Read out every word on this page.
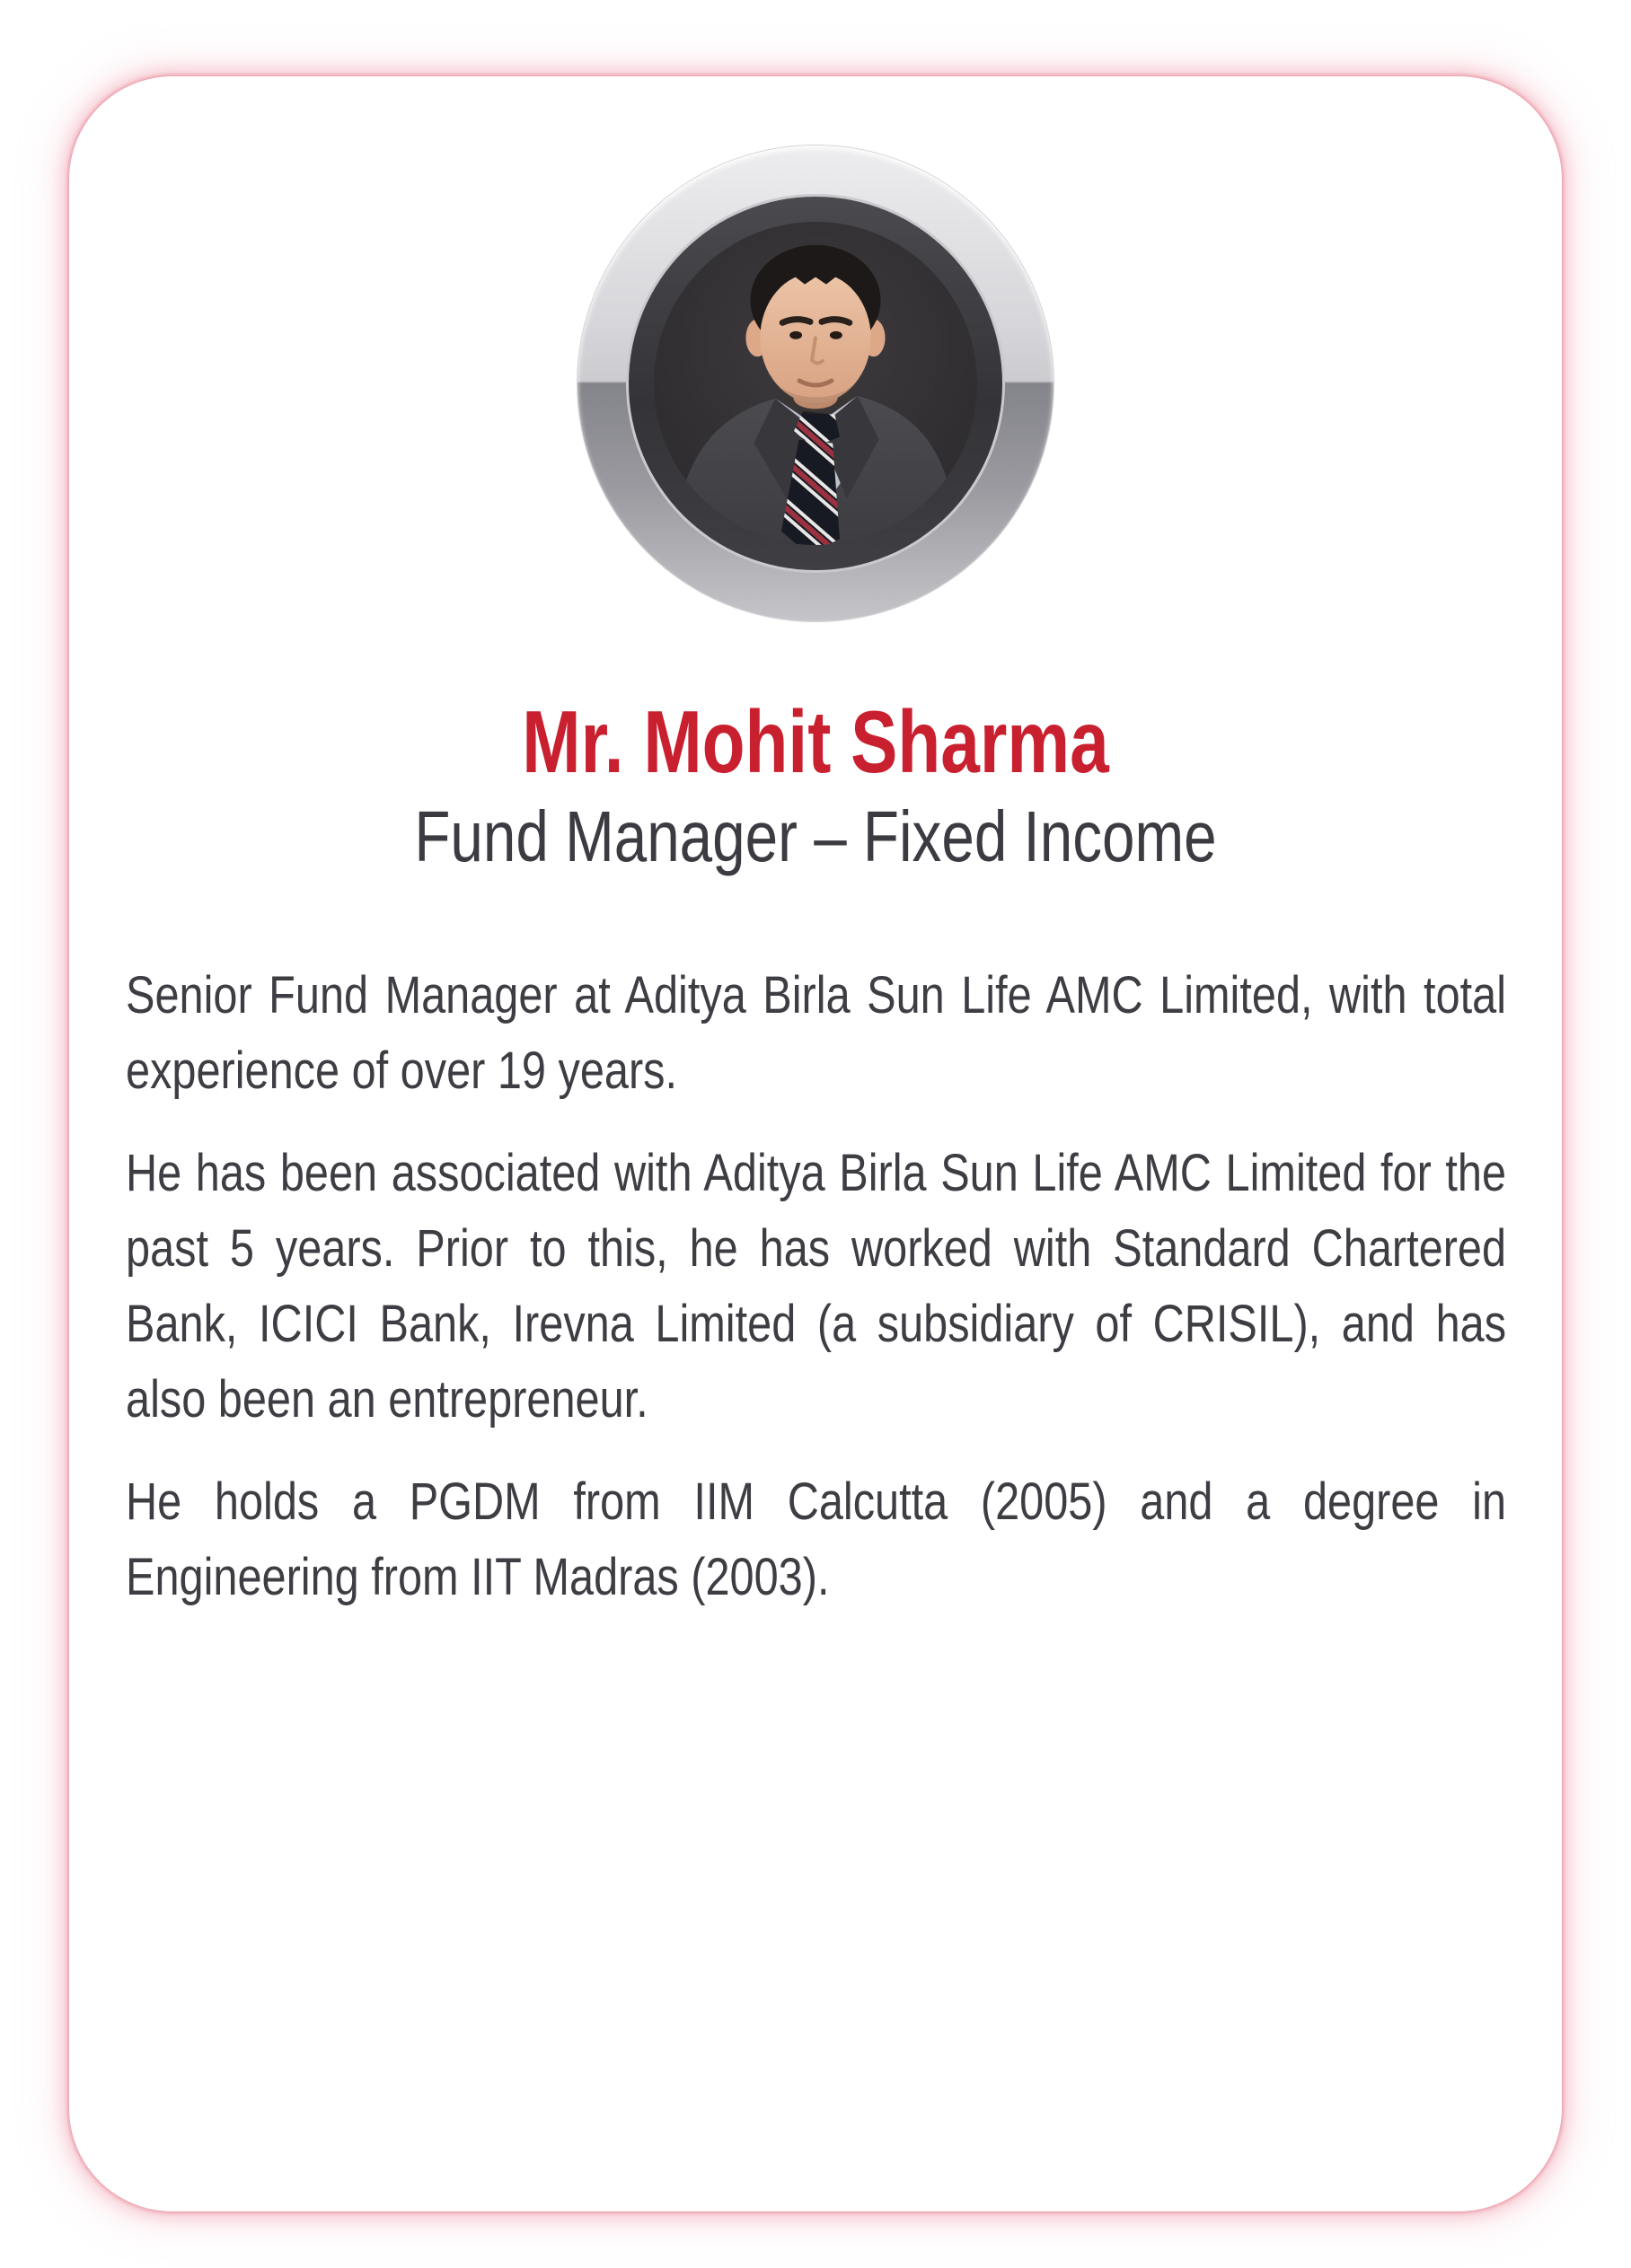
Mr. Mohit Sharma
Fund Manager – Fixed Income

Senior Fund Manager at Aditya Birla Sun Life AMC Limited, with total experience of over 19 years.

He has been associated with Aditya Birla Sun Life AMC Limited for the past 5 years. Prior to this, he has worked with Standard Chartered Bank, ICICI Bank, Irevna Limited (a subsidiary of CRISIL), and has also been an entrepreneur.

He holds a PGDM from IIM Calcutta (2005) and a degree in Engineering from IIT Madras (2003).
